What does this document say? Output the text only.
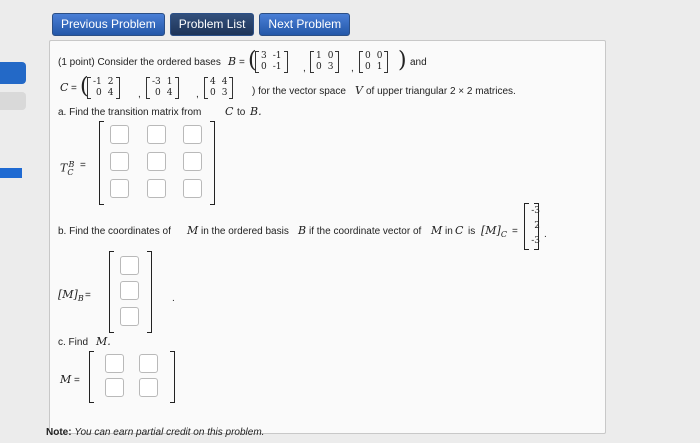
Previous Problem	Problem List	Next Problem
(1 point) Consider the ordered bases B = ( 3 -1
0 -1 ,
1 0
0 3 ,
0 0
0 1 ) and
C = ( -1 2
0 4 ,
-3 1
0 4 ,
4 4
0 3 ) for the vector space V of upper triangular 2 × 2 matrices.
a. Find the transition matrix from C to B.
$T_C^B$ =
b. Find the coordinates of M in the ordered basis B if the coordinate vector of M in C is $[M]_C$ =
-3
2
-3
.
$[M]_B$ =	.
c. Find M.
M =
Note: You can earn partial credit on this problem.
